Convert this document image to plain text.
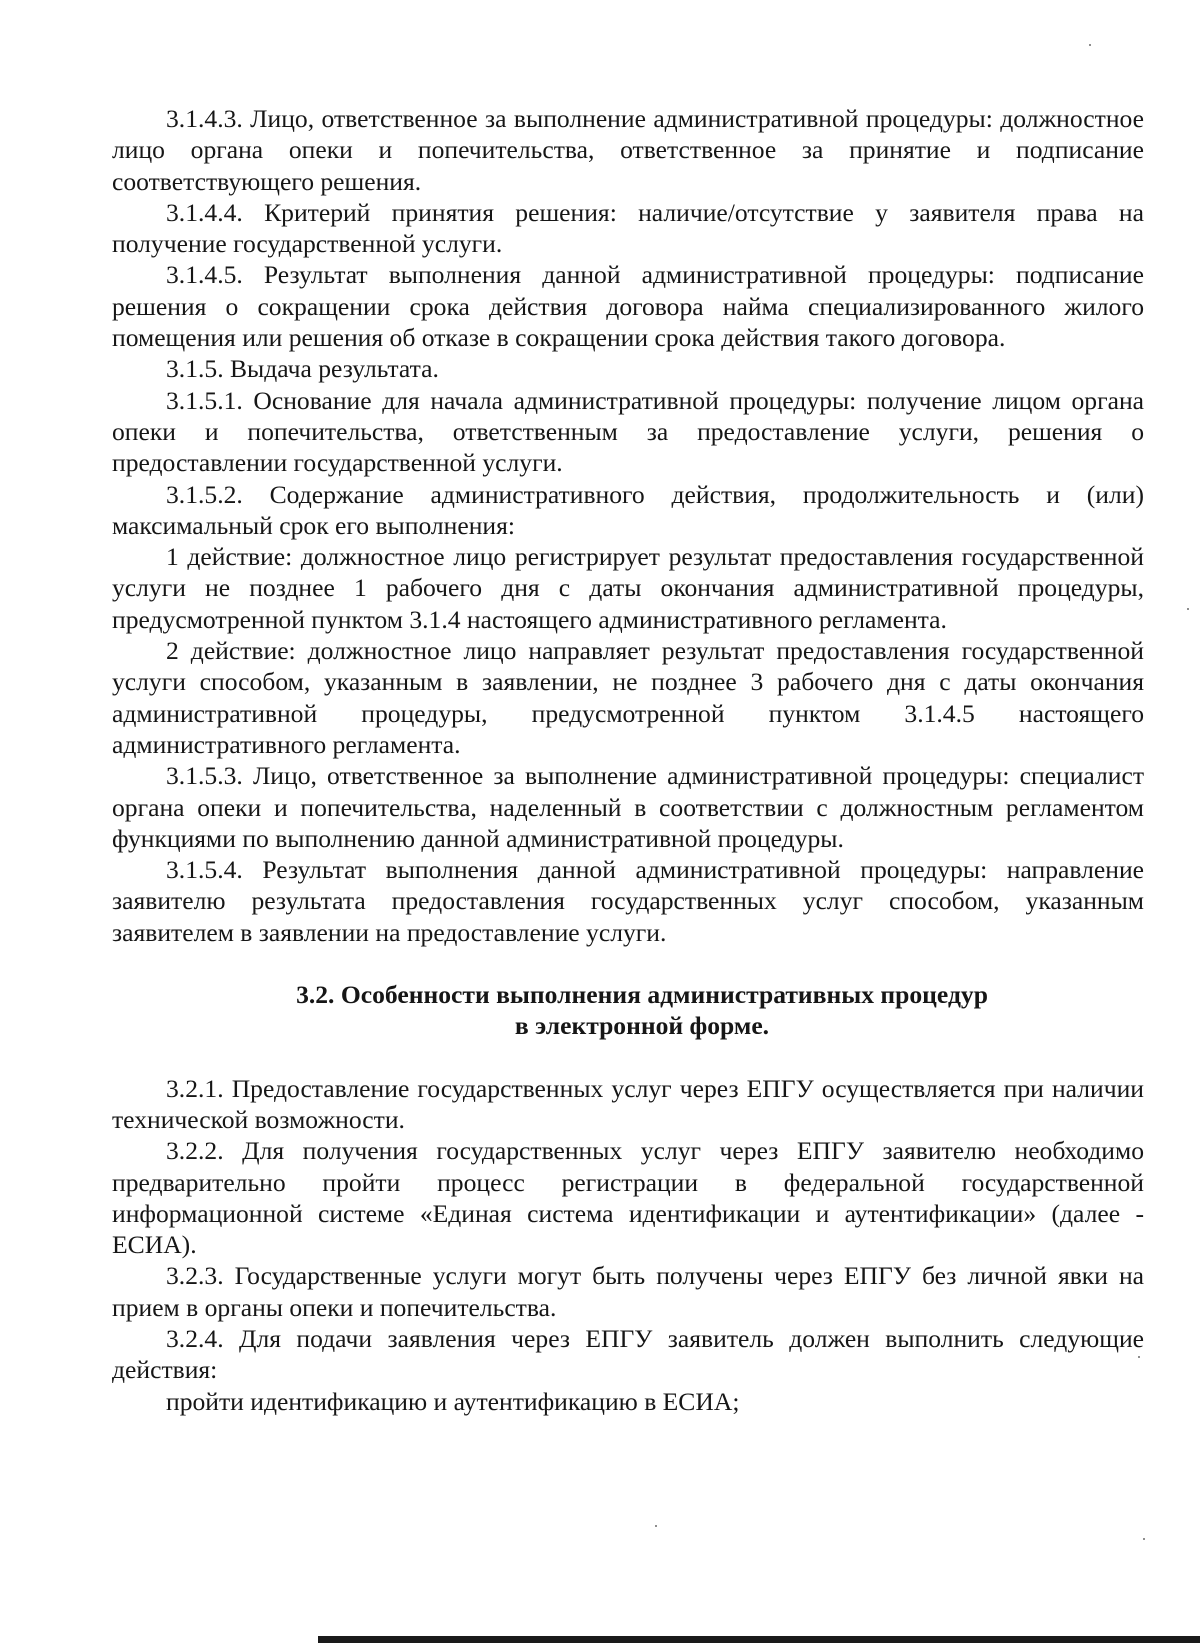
3.1.4.3. Лицо, ответственное за выполнение административной процедуры: должностное лицо органа опеки и попечительства, ответственное за принятие и подписание соответствующего решения.

3.1.4.4. Критерий принятия решения: наличие/отсутствие у заявителя права на получение государственной услуги.

3.1.4.5. Результат выполнения данной административной процедуры: подписание решения о сокращении срока действия договора найма специализированного жилого помещения или решения об отказе в сокращении срока действия такого договора.

3.1.5. Выдача результата.

3.1.5.1. Основание для начала административной процедуры: получение лицом органа опеки и попечительства, ответственным за предоставление услуги, решения о предоставлении государственной услуги.

3.1.5.2. Содержание административного действия, продолжительность и (или) максимальный срок его выполнения:

1 действие: должностное лицо регистрирует результат предоставления государственной услуги не позднее 1 рабочего дня с даты окончания административной процедуры, предусмотренной пунктом 3.1.4 настоящего административного регламента.

2 действие: должностное лицо направляет результат предоставления государственной услуги способом, указанным в заявлении, не позднее 3 рабочего дня с даты окончания административной процедуры, предусмотренной пунктом 3.1.4.5 настоящего административного регламента.

3.1.5.3. Лицо, ответственное за выполнение административной процедуры: специалист органа опеки и попечительства, наделенный в соответствии с должностным регламентом функциями по выполнению данной административной процедуры.

3.1.5.4. Результат выполнения данной административной процедуры: направление заявителю результата предоставления государственных услуг способом, указанным заявителем в заявлении на предоставление услуги.

3.2. Особенности выполнения административных процедур

в электронной форме.

3.2.1. Предоставление государственных услуг через ЕПГУ осуществляется при наличии технической возможности.

3.2.2. Для получения государственных услуг через ЕПГУ заявителю необходимо предварительно пройти процесс регистрации в федеральной государственной информационной системе «Единая система идентификации и аутентификации» (далее - ЕСИА).

3.2.3. Государственные услуги могут быть получены через ЕПГУ без личной явки на прием в органы опеки и попечительства.

3.2.4. Для подачи заявления через ЕПГУ заявитель должен выполнить следующие действия:

пройти идентификацию и аутентификацию в ЕСИА;
